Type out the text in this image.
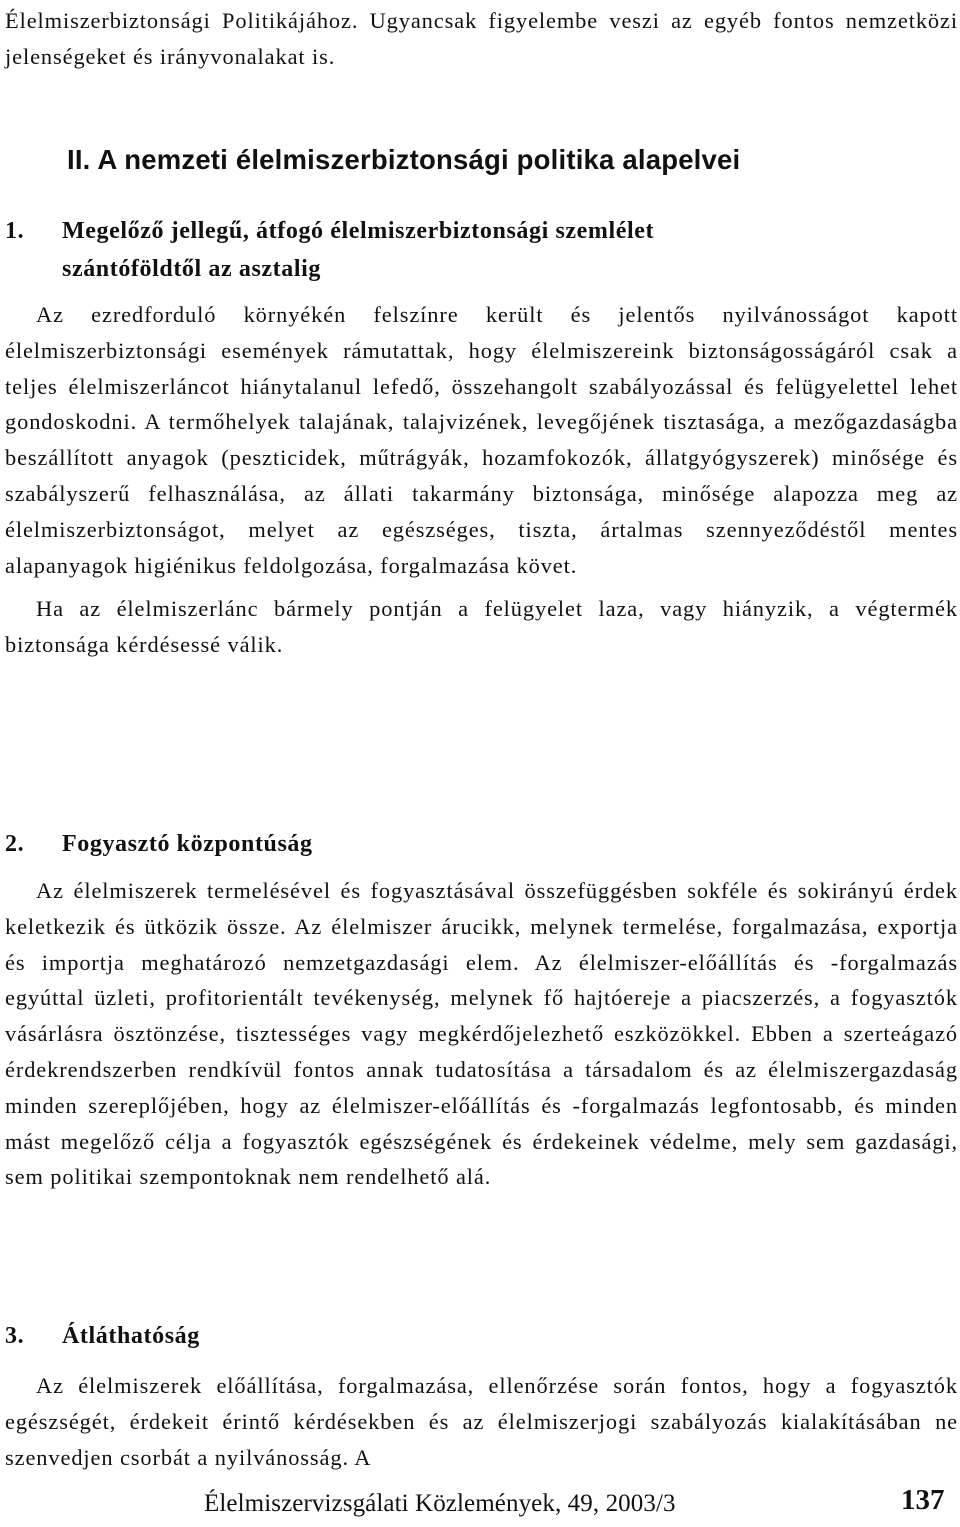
Élelmiszerbiztonsági Politikájához. Ugyancsak figyelembe veszi az egyéb fontos nemzetközi jelenségeket és irányvonalakat is.

II. A nemzeti élelmiszerbiztonsági politika alapelvei
1. Megelőző jellegű, átfogó élelmiszerbiztonsági szemlélet
szántóföldtől az asztalig

Az ezredforduló környékén felszínre került és jelentős nyilvánosságot kapott élelmiszerbiztonsági események rámutattak, hogy élelmiszereink biztonságosságáról csak a teljes élelmiszerláncot hiánytalanul lefedő, összehangolt szabályozással és felügyelettel lehet gondoskodni. A termőhelyek talajának, talajvizének, levegőjének tisztasága, a mezőgazdaságba beszállított anyagok (peszticidek, műtrágyák, hozamfokozók, állatgyógyszerek) minősége és szabályszerű felhasználása, az állati takarmány biztonsága, minősége alapozza meg az élelmiszerbiztonságot, melyet az egészséges, tiszta, ártalmas szennyeződéstől mentes alapanyagok higiénikus feldolgozása, forgalmazása követ.

Ha az élelmiszerlánc bármely pontján a felügyelet laza, vagy hiányzik, a végtermék biztonsága kérdésessé válik.

2. Fogyasztó központúság

Az élelmiszerek termelésével és fogyasztásával összefüggésben sokféle és sokirányú érdek keletkezik és ütközik össze. Az élelmiszer árucikk, melynek termelése, forgalmazása, exportja és importja meghatározó nemzetgazdasági elem. Az élelmiszer-előállítás és -forgalmazás egyúttal üzleti, profitorientált tevékenység, melynek fő hajtóereje a piacszerzés, a fogyasztók vásárlásra ösztönzése, tisztességes vagy megkérdőjelezhető eszközökkel. Ebben a szerteágazó érdekrendszerben rendkívül fontos annak tudatosítása a társadalom és az élelmiszergazdaság minden szereplőjében, hogy az élelmiszer-előállítás és -forgalmazás legfontosabb, és minden mást megelőző célja a fogyasztók egészségének és érdekeinek védelme, mely sem gazdasági, sem politikai szempontoknak nem rendelhető alá.

3. Átláthatóság

Az élelmiszerek előállítása, forgalmazása, ellenőrzése során fontos, hogy a fogyasztók egészségét, érdekeit érintő kérdésekben és az élelmiszerjogi szabályozás kialakításában ne szenvedjen csorbát a nyilvánosság. A

Élelmiszervizsgálati Közlemények, 49, 2003/3	137
